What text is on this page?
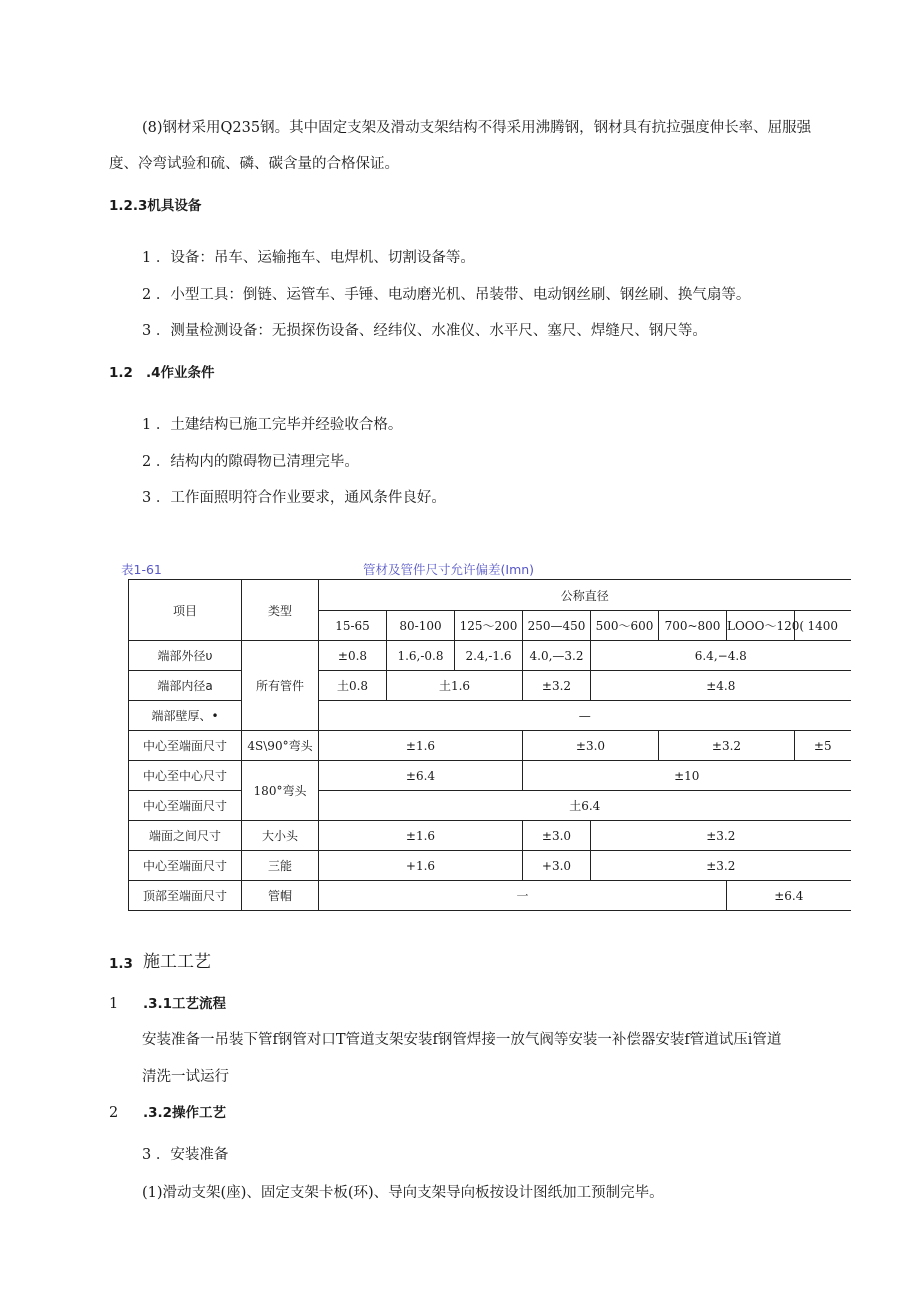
(8)钢材采用Q235钢。其中固定支架及滑动支架结构不得采用沸腾钢，钢材具有抗拉强度伸长率、屈服强
度、冷弯试验和硫、磷、碳含量的合格保证。
1.2.3机具设备
1 ．设备：吊车、运输拖车、电焊机、切割设备等。
2 ．小型工具：倒链、运管车、手锤、电动磨光机、吊装带、电动钢丝刷、钢丝刷、换气扇等。
3 ．测量检测设备：无损探伤设备、经纬仪、水准仪、水平尺、塞尺、焊缝尺、钢尺等。
1.2 .4作业条件
1 ．土建结构已施工完毕并经验收合格。
2 ．结构内的隙碍物已清理完毕。
3 ．工作面照明符合作业要求，通风条件良好。
表1-61	管材及管件尺寸允许偏差(Imn)
项目	类型	公称直径							
		15-65	80-100	125～200	250—450	500～600	700~800	LOOO～120(	1400
端部外径υ	所有管件	±0.8	1.6,-0.8	2.4,-1.6	4.0,—3.2	6.4,−4.8			
端部内径a		土0.8	土1.6		±3.2	±4.8			
端部壁厚、•		—							
中心至端面尺寸	4S\90°弯头	±1.6			±3.0		±3.2		±5
中心至中心尺寸	180°弯头	±6.4			±10				
中心至端面尺寸		土6.4							
端面之间尺寸	大小头	±1.6			±3.0	±3.2			
中心至端面尺寸	三能	+1.6			+3.0	±3.2			
顶部至端面尺寸	管帽	一						±6.4	
1.3 施工工艺
1 .3.1工艺流程
安装准备一吊装下管f钢管对口T管道支架安装f钢管焊接一放气阀等安装一补偿器安装f管道试压i管道
清洗一试运行
2 .3.2操作工艺
3 ．安装准备
(1)滑动支架(座)、固定支架卡板(环)、导向支架导向板按设计图纸加工预制完毕。
